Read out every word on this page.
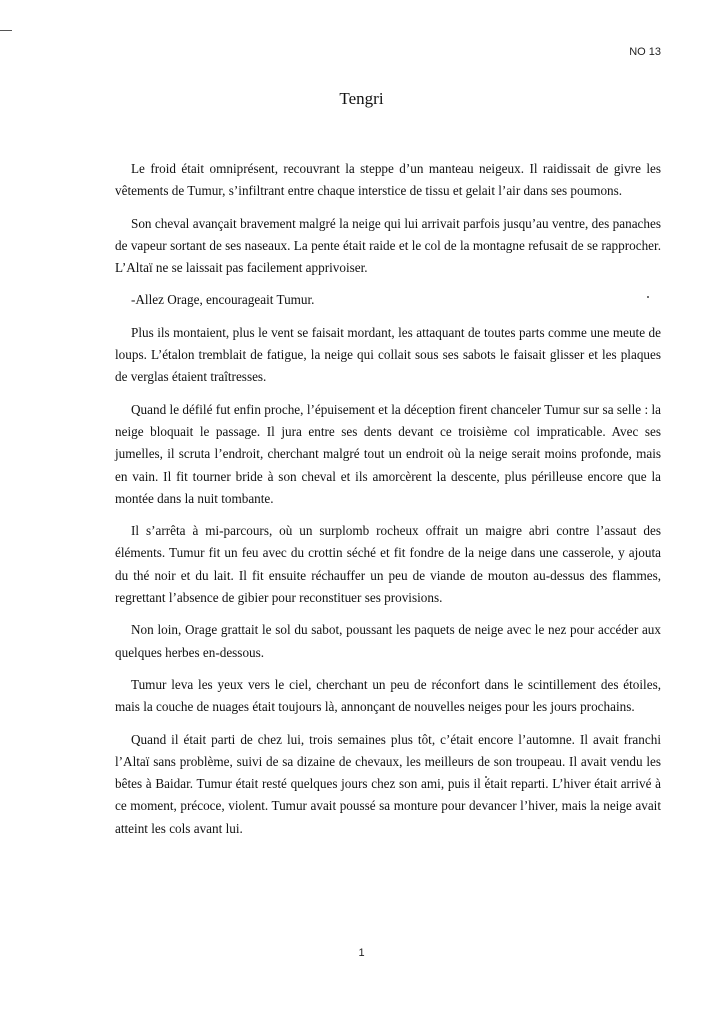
NO 13
Tengri

Le froid était omniprésent, recouvrant la steppe d’un manteau neigeux. Il raidissait de givre les vêtements de Tumur, s’infiltrant entre chaque interstice de tissu et gelait l’air dans ses poumons.

Son cheval avançait bravement malgré la neige qui lui arrivait parfois jusqu’au ventre, des panaches de vapeur sortant de ses naseaux. La pente était raide et le col de la montagne refusait de se rapprocher. L’Altaï ne se laissait pas facilement apprivoiser.

-Allez Orage, encourageait Tumur.

Plus ils montaient, plus le vent se faisait mordant, les attaquant de toutes parts comme une meute de loups. L’étalon tremblait de fatigue, la neige qui collait sous ses sabots le faisait glisser et les plaques de verglas étaient traîtresses.

Quand le défilé fut enfin proche, l’épuisement et la déception firent chanceler Tumur sur sa selle : la neige bloquait le passage. Il jura entre ses dents devant ce troisième col impraticable. Avec ses jumelles, il scruta l’endroit, cherchant malgré tout un endroit où la neige serait moins profonde, mais en vain. Il fit tourner bride à son cheval et ils amorcèrent la descente, plus périlleuse encore que la montée dans la nuit tombante.

Il s’arrêta à mi-parcours, où un surplomb rocheux offrait un maigre abri contre l’assaut des éléments. Tumur fit un feu avec du crottin séché et fit fondre de la neige dans une casserole, y ajouta du thé noir et du lait. Il fit ensuite réchauffer un peu de viande de mouton au-dessus des flammes, regrettant l’absence de gibier pour reconstituer ses provisions.

Non loin, Orage grattait le sol du sabot, poussant les paquets de neige avec le nez pour accéder aux quelques herbes en-dessous.

Tumur leva les yeux vers le ciel, cherchant un peu de réconfort dans le scintillement des étoiles, mais la couche de nuages était toujours là, annonçant de nouvelles neiges pour les jours prochains.

Quand il était parti de chez lui, trois semaines plus tôt, c’était encore l’automne. Il avait franchi l’Altaï sans problème, suivi de sa dizaine de chevaux, les meilleurs de son troupeau. Il avait vendu les bêtes à Baidar. Tumur était resté quelques jours chez son ami, puis il était reparti. L’hiver était arrivé à ce moment, précoce, violent. Tumur avait poussé sa monture pour devancer l’hiver, mais la neige avait atteint les cols avant lui.

1
